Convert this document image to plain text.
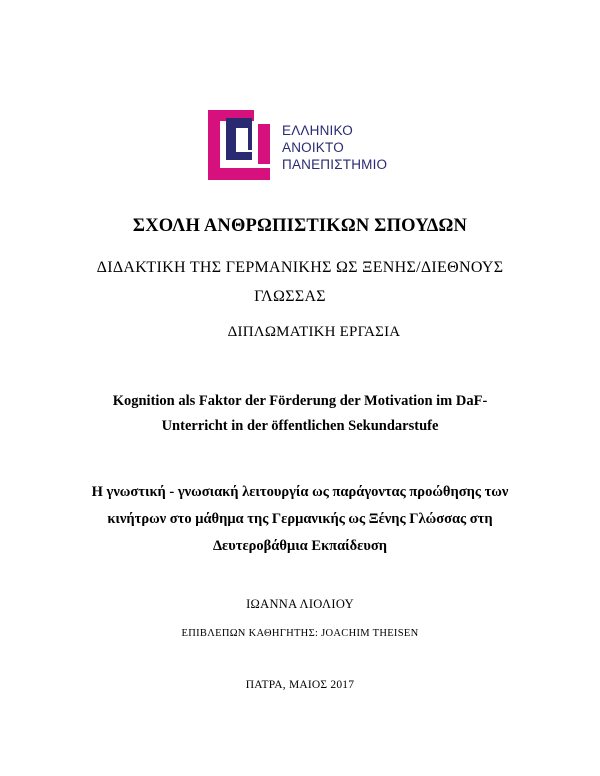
ΕΛΛΗΝΙΚΟ
ΑΝΟΙΚΤΟ
ΠΑΝΕΠΙΣΤΗΜΙΟ
ΣΧΟΛΗ ΑΝΘΡΩΠΙΣΤΙΚΩΝ ΣΠΟΥΔΩΝ
ΔΙΔΑΚΤΙΚΗ ΤΗΣ ΓΕΡΜΑΝΙΚΗΣ ΩΣ ΞΕΝΗΣ/ΔΙΕΘΝΟΥΣ
ΓΛΩΣΣΑΣ
ΔΙΠΛΩΜΑΤΙΚΗ ΕΡΓΑΣΙΑ
Kognition als Faktor der Förderung der Motivation im DaF-
Unterricht in der öffentlichen Sekundarstufe
Η γνωστική - γνωσιακή λειτουργία ως παράγοντας προώθησης των
κινήτρων στο μάθημα της Γερμανικής ως Ξένης Γλώσσας στη
Δευτεροβάθμια Εκπαίδευση
ΙΩΑΝΝΑ ΛΙΟΛΙΟΥ
ΕΠΙΒΛΕΠΩΝ ΚΑΘΗΓΗΤΗΣ: JOACHIM THEISEN
ΠΑΤΡΑ, ΜΑΙΟΣ 2017
